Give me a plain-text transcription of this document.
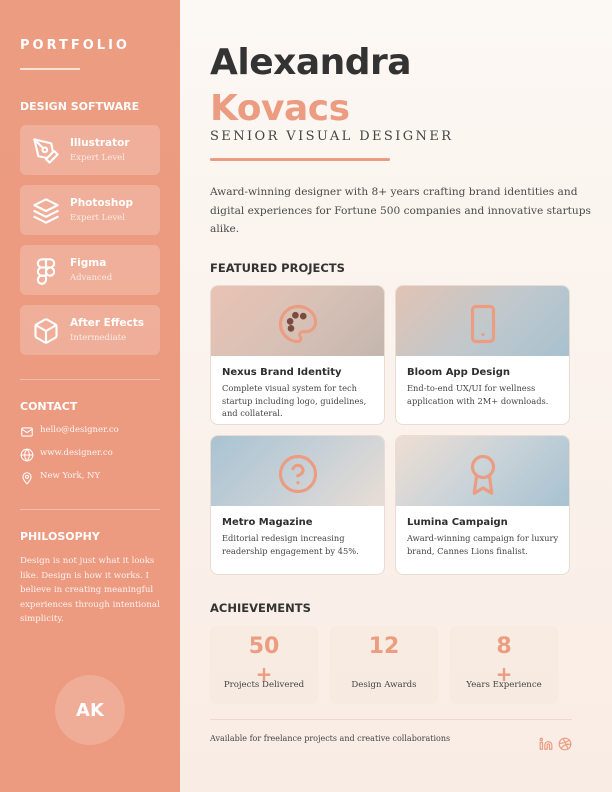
PORTFOLIO
DESIGN SOFTWARE
Illustrator
Expert Level
Photoshop
Expert Level
Figma
Advanced
After Effects
Intermediate
CONTACT
hello@designer.co
www.designer.co
New York, NY
PHILOSOPHY
Design is not just what it looks like. Design is how it works. I believe in creating meaningful experiences through intentional simplicity.
AK
Alexandra
Kovacs
SENIOR VISUAL DESIGNER
Award-winning designer with 8+ years crafting brand identities and digital experiences for Fortune 500 companies and innovative startups alike.
FEATURED PROJECTS
Nexus Brand Identity
Complete visual system for tech startup including logo, guidelines, and collateral.
Bloom App Design
End-to-end UX/UI for wellness application with 2M+ downloads.
Metro Magazine
Editorial redesign increasing readership engagement by 45%.
Lumina Campaign
Award-winning campaign for luxury brand, Cannes Lions finalist.
ACHIEVEMENTS
50
+
Projects Delivered
12
Design Awards
8
+
Years Experience
Available for freelance projects and creative collaborations
